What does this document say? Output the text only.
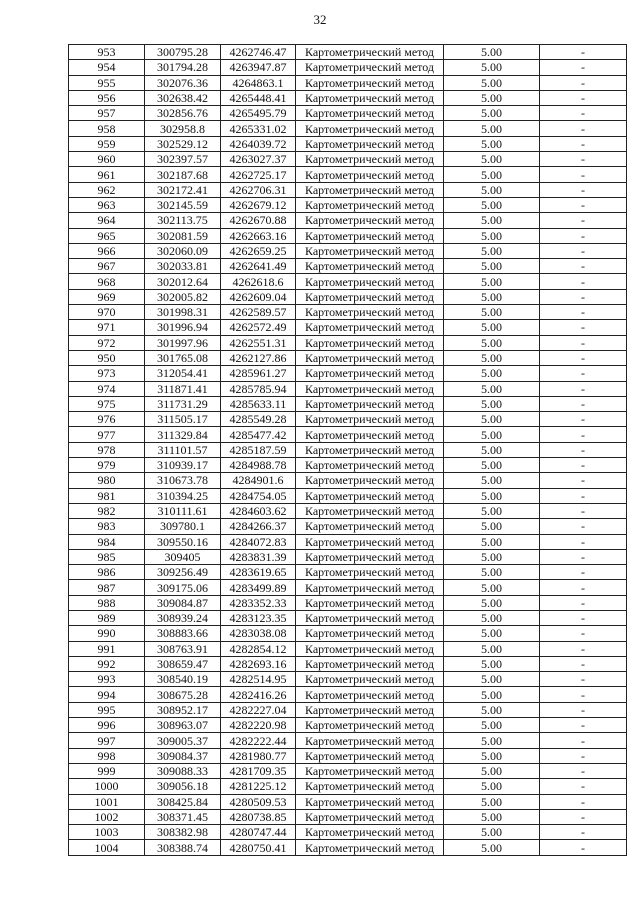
32
953	300795.28	4262746.47	Картометрический метод	5.00	-
954	301794.28	4263947.87	Картометрический метод	5.00	-
955	302076.36	4264863.1	Картометрический метод	5.00	-
956	302638.42	4265448.41	Картометрический метод	5.00	-
957	302856.76	4265495.79	Картометрический метод	5.00	-
958	302958.8	4265331.02	Картометрический метод	5.00	-
959	302529.12	4264039.72	Картометрический метод	5.00	-
960	302397.57	4263027.37	Картометрический метод	5.00	-
961	302187.68	4262725.17	Картометрический метод	5.00	-
962	302172.41	4262706.31	Картометрический метод	5.00	-
963	302145.59	4262679.12	Картометрический метод	5.00	-
964	302113.75	4262670.88	Картометрический метод	5.00	-
965	302081.59	4262663.16	Картометрический метод	5.00	-
966	302060.09	4262659.25	Картометрический метод	5.00	-
967	302033.81	4262641.49	Картометрический метод	5.00	-
968	302012.64	4262618.6	Картометрический метод	5.00	-
969	302005.82	4262609.04	Картометрический метод	5.00	-
970	301998.31	4262589.57	Картометрический метод	5.00	-
971	301996.94	4262572.49	Картометрический метод	5.00	-
972	301997.96	4262551.31	Картометрический метод	5.00	-
950	301765.08	4262127.86	Картометрический метод	5.00	-
973	312054.41	4285961.27	Картометрический метод	5.00	-
974	311871.41	4285785.94	Картометрический метод	5.00	-
975	311731.29	4285633.11	Картометрический метод	5.00	-
976	311505.17	4285549.28	Картометрический метод	5.00	-
977	311329.84	4285477.42	Картометрический метод	5.00	-
978	311101.57	4285187.59	Картометрический метод	5.00	-
979	310939.17	4284988.78	Картометрический метод	5.00	-
980	310673.78	4284901.6	Картометрический метод	5.00	-
981	310394.25	4284754.05	Картометрический метод	5.00	-
982	310111.61	4284603.62	Картометрический метод	5.00	-
983	309780.1	4284266.37	Картометрический метод	5.00	-
984	309550.16	4284072.83	Картометрический метод	5.00	-
985	309405	4283831.39	Картометрический метод	5.00	-
986	309256.49	4283619.65	Картометрический метод	5.00	-
987	309175.06	4283499.89	Картометрический метод	5.00	-
988	309084.87	4283352.33	Картометрический метод	5.00	-
989	308939.24	4283123.35	Картометрический метод	5.00	-
990	308883.66	4283038.08	Картометрический метод	5.00	-
991	308763.91	4282854.12	Картометрический метод	5.00	-
992	308659.47	4282693.16	Картометрический метод	5.00	-
993	308540.19	4282514.95	Картометрический метод	5.00	-
994	308675.28	4282416.26	Картометрический метод	5.00	-
995	308952.17	4282227.04	Картометрический метод	5.00	-
996	308963.07	4282220.98	Картометрический метод	5.00	-
997	309005.37	4282222.44	Картометрический метод	5.00	-
998	309084.37	4281980.77	Картометрический метод	5.00	-
999	309088.33	4281709.35	Картометрический метод	5.00	-
1000	309056.18	4281225.12	Картометрический метод	5.00	-
1001	308425.84	4280509.53	Картометрический метод	5.00	-
1002	308371.45	4280738.85	Картометрический метод	5.00	-
1003	308382.98	4280747.44	Картометрический метод	5.00	-
1004	308388.74	4280750.41	Картометрический метод	5.00	-
